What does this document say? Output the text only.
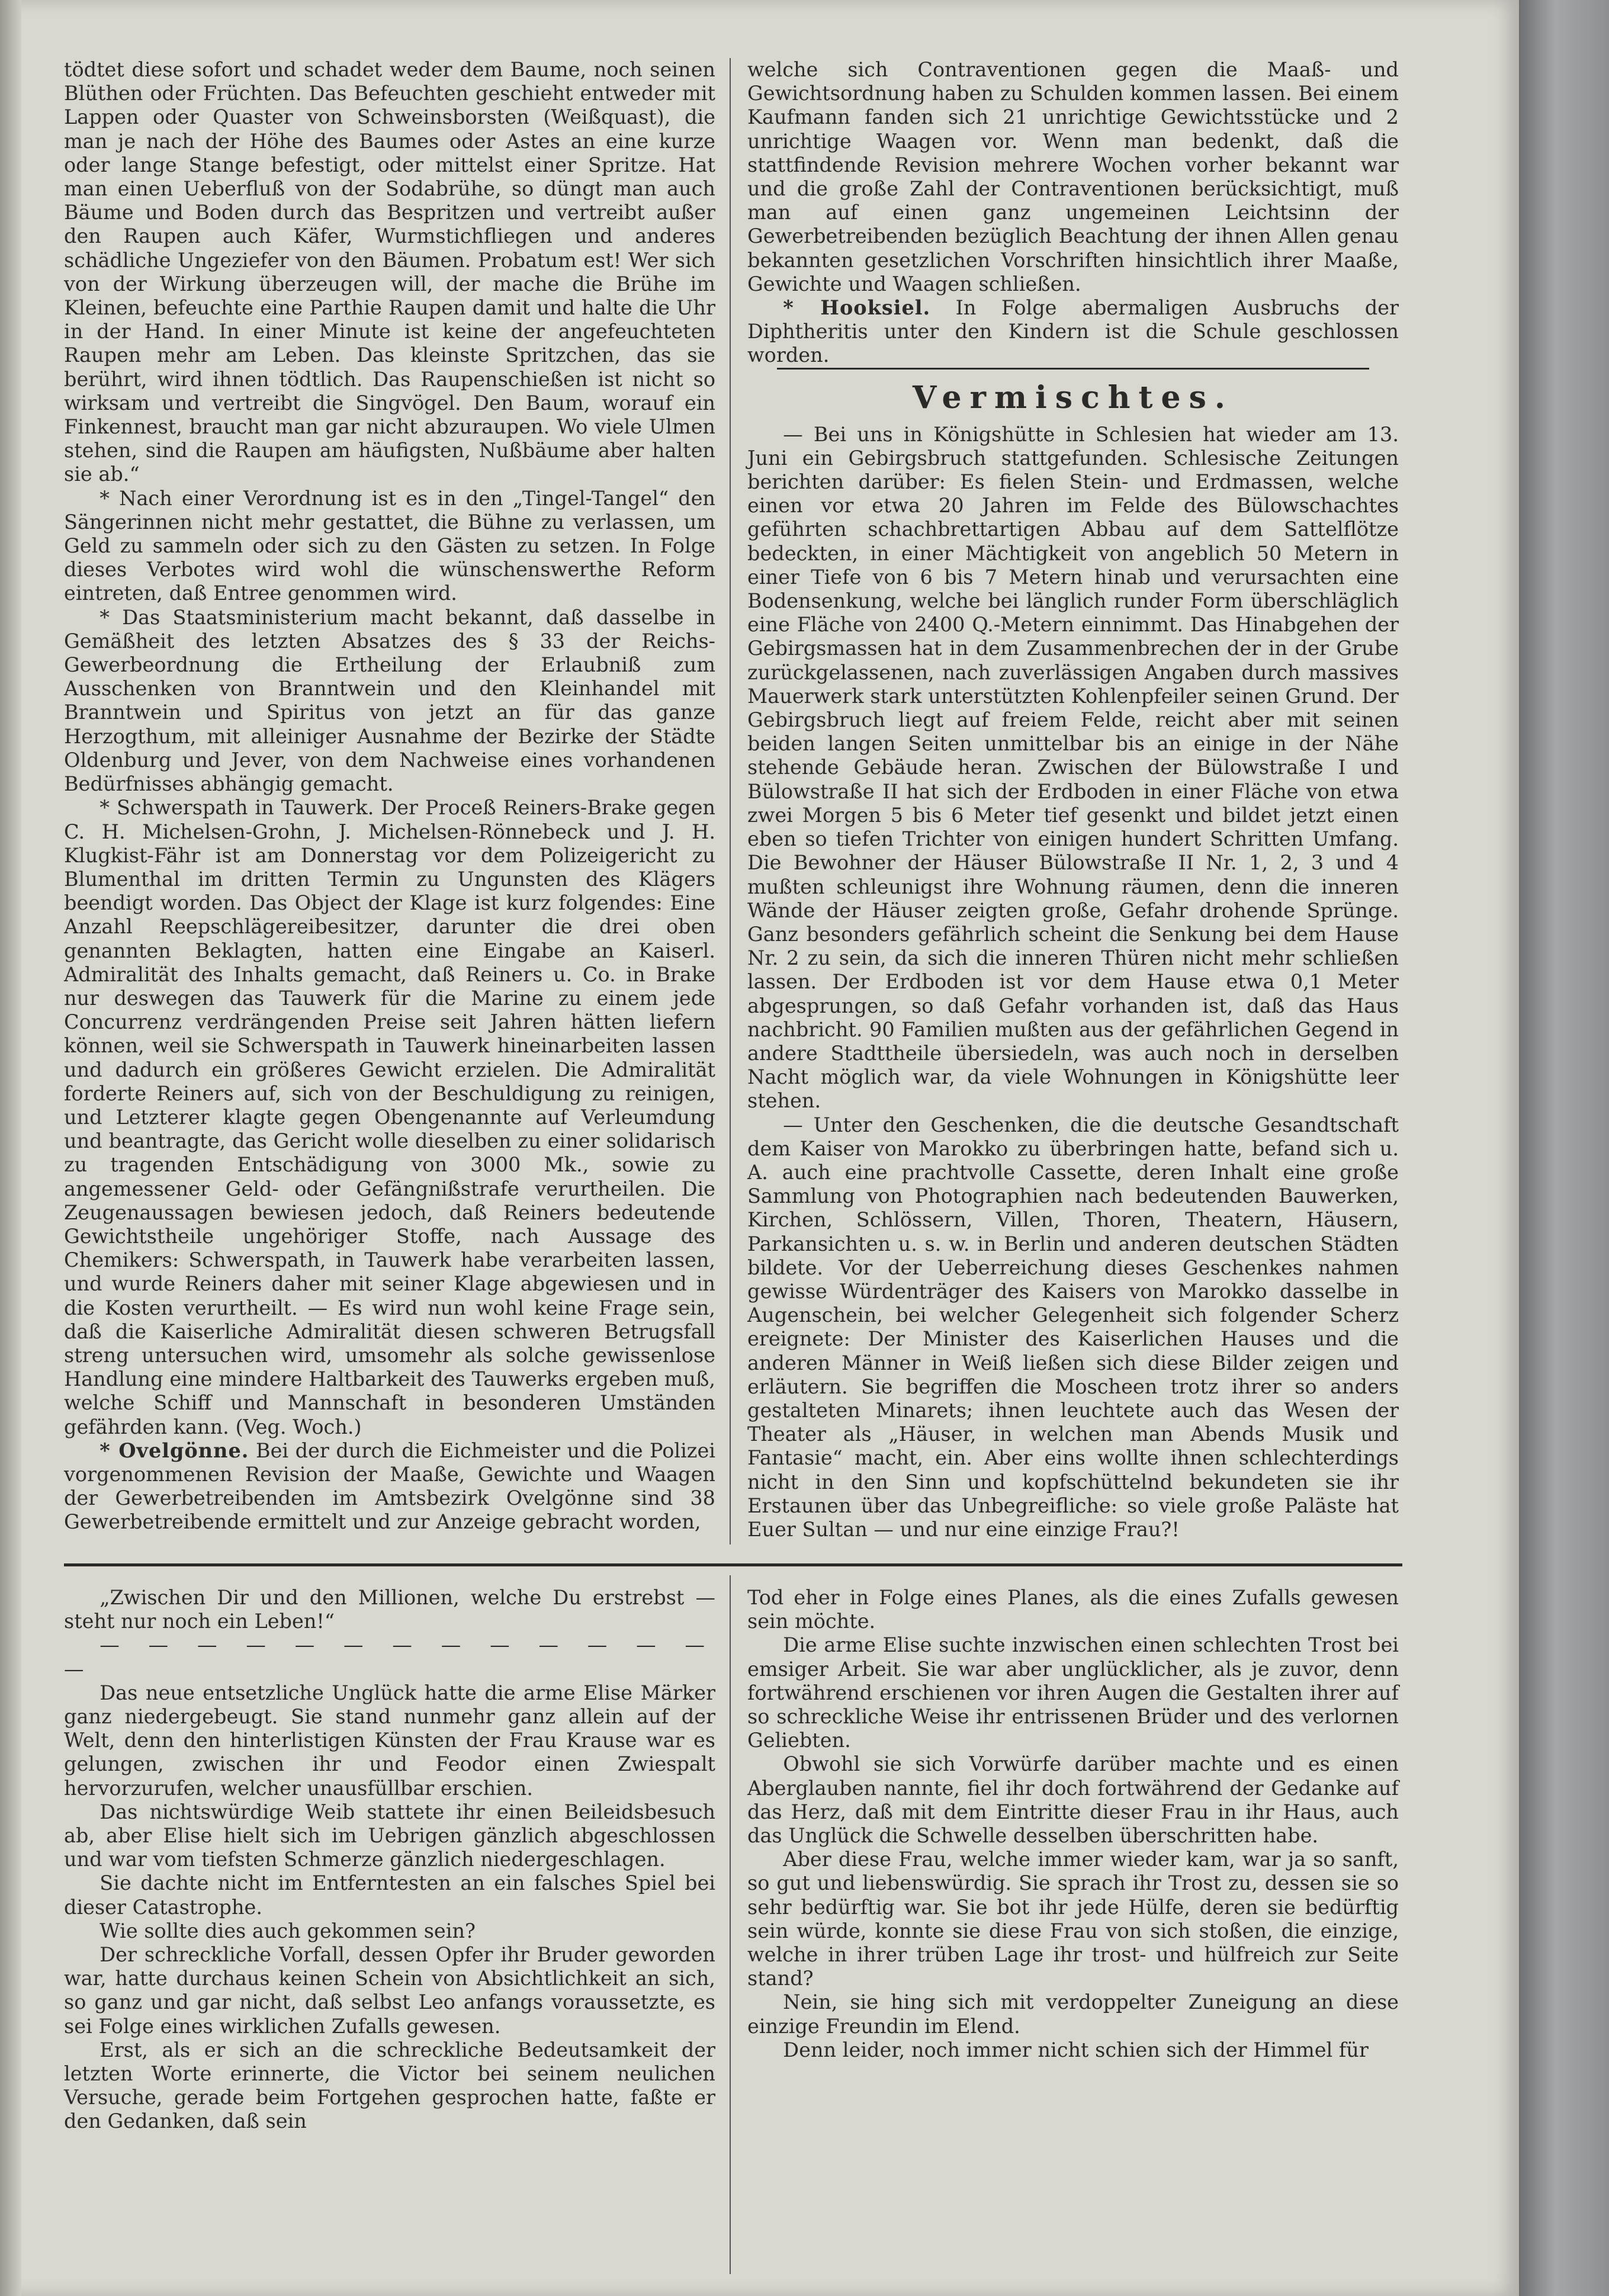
tödtet diese sofort und schadet weder dem Baume, noch seinen Blüthen oder Früchten. Das Befeuchten geschieht entweder mit Lappen oder Quaster von Schweinsborsten (Weißquast), die man je nach der Höhe des Baumes oder Astes an eine kurze oder lange Stange befestigt, oder mittelst einer Spritze. Hat man einen Ueberfluß von der Sodabrühe, so düngt man auch Bäume und Boden durch das Bespritzen und vertreibt außer den Raupen auch Käfer, Wurmstichfliegen und anderes schädliche Ungeziefer von den Bäumen. Probatum est! Wer sich von der Wirkung überzeugen will, der mache die Brühe im Kleinen, befeuchte eine Parthie Raupen damit und halte die Uhr in der Hand. In einer Minute ist keine der angefeuchteten Raupen mehr am Leben. Das kleinste Spritzchen, das sie berührt, wird ihnen tödtlich. Das Raupenschießen ist nicht so wirksam und vertreibt die Singvögel. Den Baum, worauf ein Finkennest, braucht man gar nicht abzuraupen. Wo viele Ulmen stehen, sind die Raupen am häufigsten, Nußbäume aber halten sie ab.“

* Nach einer Verordnung ist es in den „Tingel-Tangel“ den Sängerinnen nicht mehr gestattet, die Bühne zu verlassen, um Geld zu sammeln oder sich zu den Gästen zu setzen. In Folge dieses Verbotes wird wohl die wünschenswerthe Reform eintreten, daß Entree genommen wird.

* Das Staatsministerium macht bekannt, daß dasselbe in Gemäßheit des letzten Absatzes des § 33 der Reichs-Gewerbeordnung die Ertheilung der Erlaubniß zum Ausschenken von Branntwein und den Kleinhandel mit Branntwein und Spiritus von jetzt an für das ganze Herzogthum, mit alleiniger Ausnahme der Bezirke der Städte Oldenburg und Jever, von dem Nachweise eines vorhandenen Bedürfnisses abhängig gemacht.

* Schwerspath in Tauwerk. Der Proceß Reiners-Brake gegen C. H. Michelsen-Grohn, J. Michelsen-Rönnebeck und J. H. Klugkist-Fähr ist am Donnerstag vor dem Polizeigericht zu Blumenthal im dritten Termin zu Ungunsten des Klägers beendigt worden. Das Object der Klage ist kurz folgendes: Eine Anzahl Reepschlägereibesitzer, darunter die drei oben genannten Beklagten, hatten eine Eingabe an Kaiserl. Admiralität des Inhalts gemacht, daß Reiners u. Co. in Brake nur deswegen das Tauwerk für die Marine zu einem jede Concurrenz verdrängenden Preise seit Jahren hätten liefern können, weil sie Schwerspath in Tauwerk hineinarbeiten lassen und dadurch ein größeres Gewicht erzielen. Die Admiralität forderte Reiners auf, sich von der Beschuldigung zu reinigen, und Letzterer klagte gegen Obengenannte auf Verleumdung und beantragte, das Gericht wolle dieselben zu einer solidarisch zu tragenden Entschädigung von 3000 Mk., sowie zu angemessener Geld- oder Gefängnißstrafe verurtheilen. Die Zeugenaussagen bewiesen jedoch, daß Reiners bedeutende Gewichtstheile ungehöriger Stoffe, nach Aussage des Chemikers: Schwerspath, in Tauwerk habe verarbeiten lassen, und wurde Reiners daher mit seiner Klage abgewiesen und in die Kosten verurtheilt. — Es wird nun wohl keine Frage sein, daß die Kaiserliche Admiralität diesen schweren Betrugsfall streng untersuchen wird, umsomehr als solche gewissenlose Handlung eine mindere Haltbarkeit des Tauwerks ergeben muß, welche Schiff und Mannschaft in besonderen Umständen gefährden kann. (Veg. Woch.)

* Ovelgönne. Bei der durch die Eichmeister und die Polizei vorgenommenen Revision der Maaße, Gewichte und Waagen der Gewerbetreibenden im Amtsbezirk Ovelgönne sind 38 Gewerbetreibende ermittelt und zur Anzeige gebracht worden,

welche sich Contraventionen gegen die Maaß- und Gewichtsordnung haben zu Schulden kommen lassen. Bei einem Kaufmann fanden sich 21 unrichtige Gewichtsstücke und 2 unrichtige Waagen vor. Wenn man bedenkt, daß die stattfindende Revision mehrere Wochen vorher bekannt war und die große Zahl der Contraventionen berücksichtigt, muß man auf einen ganz ungemeinen Leichtsinn der Gewerbetreibenden bezüglich Beachtung der ihnen Allen genau bekannten gesetzlichen Vorschriften hinsichtlich ihrer Maaße, Gewichte und Waagen schließen.

* Hooksiel. In Folge abermaligen Ausbruchs der Diphtheritis unter den Kindern ist die Schule geschlossen worden.

Vermischtes.

— Bei uns in Königshütte in Schlesien hat wieder am 13. Juni ein Gebirgsbruch stattgefunden. Schlesische Zeitungen berichten darüber: Es fielen Stein- und Erdmassen, welche einen vor etwa 20 Jahren im Felde des Bülowschachtes geführten schachbrettartigen Abbau auf dem Sattelflötze bedeckten, in einer Mächtigkeit von angeblich 50 Metern in einer Tiefe von 6 bis 7 Metern hinab und verursachten eine Bodensenkung, welche bei länglich runder Form überschläglich eine Fläche von 2400 Q.-Metern einnimmt. Das Hinabgehen der Gebirgsmassen hat in dem Zusammenbrechen der in der Grube zurückgelassenen, nach zuverlässigen Angaben durch massives Mauerwerk stark unterstützten Kohlenpfeiler seinen Grund. Der Gebirgsbruch liegt auf freiem Felde, reicht aber mit seinen beiden langen Seiten unmittelbar bis an einige in der Nähe stehende Gebäude heran. Zwischen der Bülowstraße I und Bülowstraße II hat sich der Erdboden in einer Fläche von etwa zwei Morgen 5 bis 6 Meter tief gesenkt und bildet jetzt einen eben so tiefen Trichter von einigen hundert Schritten Umfang. Die Bewohner der Häuser Bülowstraße II Nr. 1, 2, 3 und 4 mußten schleunigst ihre Wohnung räumen, denn die inneren Wände der Häuser zeigten große, Gefahr drohende Sprünge. Ganz besonders gefährlich scheint die Senkung bei dem Hause Nr. 2 zu sein, da sich die inneren Thüren nicht mehr schließen lassen. Der Erdboden ist vor dem Hause etwa 0,1 Meter abgesprungen, so daß Gefahr vorhanden ist, daß das Haus nachbricht. 90 Familien mußten aus der gefährlichen Gegend in andere Stadttheile übersiedeln, was auch noch in derselben Nacht möglich war, da viele Wohnungen in Königshütte leer stehen.

— Unter den Geschenken, die die deutsche Gesandtschaft dem Kaiser von Marokko zu überbringen hatte, befand sich u. A. auch eine prachtvolle Cassette, deren Inhalt eine große Sammlung von Photographien nach bedeutenden Bauwerken, Kirchen, Schlössern, Villen, Thoren, Theatern, Häusern, Parkansichten u. s. w. in Berlin und anderen deutschen Städten bildete. Vor der Ueberreichung dieses Geschenkes nahmen gewisse Würdenträger des Kaisers von Marokko dasselbe in Augenschein, bei welcher Gelegenheit sich folgender Scherz ereignete: Der Minister des Kaiserlichen Hauses und die anderen Männer in Weiß ließen sich diese Bilder zeigen und erläutern. Sie begriffen die Moscheen trotz ihrer so anders gestalteten Minarets; ihnen leuchtete auch das Wesen der Theater als „Häuser, in welchen man Abends Musik und Fantasie“ macht, ein. Aber eins wollte ihnen schlechterdings nicht in den Sinn und kopfschüttelnd bekundeten sie ihr Erstaunen über das Unbegreifliche: so viele große Paläste hat Euer Sultan — und nur eine einzige Frau?!

„Zwischen Dir und den Millionen, welche Du erstrebst — steht nur noch ein Leben!“

— — — — — — — — — — — — — —

Das neue entsetzliche Unglück hatte die arme Elise Märker ganz niedergebeugt. Sie stand nunmehr ganz allein auf der Welt, denn den hinterlistigen Künsten der Frau Krause war es gelungen, zwischen ihr und Feodor einen Zwiespalt hervorzurufen, welcher unausfüllbar erschien.

Das nichtswürdige Weib stattete ihr einen Beileidsbesuch ab, aber Elise hielt sich im Uebrigen gänzlich abgeschlossen und war vom tiefsten Schmerze gänzlich niedergeschlagen.

Sie dachte nicht im Entferntesten an ein falsches Spiel bei dieser Catastrophe.

Wie sollte dies auch gekommen sein?

Der schreckliche Vorfall, dessen Opfer ihr Bruder geworden war, hatte durchaus keinen Schein von Absichtlichkeit an sich, so ganz und gar nicht, daß selbst Leo anfangs voraussetzte, es sei Folge eines wirklichen Zufalls gewesen.

Erst, als er sich an die schreckliche Bedeutsamkeit der letzten Worte erinnerte, die Victor bei seinem neulichen Versuche, gerade beim Fortgehen gesprochen hatte, faßte er den Gedanken, daß sein

Tod eher in Folge eines Planes, als die eines Zufalls gewesen sein möchte.

Die arme Elise suchte inzwischen einen schlechten Trost bei emsiger Arbeit. Sie war aber unglücklicher, als je zuvor, denn fortwährend erschienen vor ihren Augen die Gestalten ihrer auf so schreckliche Weise ihr entrissenen Brüder und des verlornen Geliebten.

Obwohl sie sich Vorwürfe darüber machte und es einen Aberglauben nannte, fiel ihr doch fortwährend der Gedanke auf das Herz, daß mit dem Eintritte dieser Frau in ihr Haus, auch das Unglück die Schwelle desselben überschritten habe.

Aber diese Frau, welche immer wieder kam, war ja so sanft, so gut und liebenswürdig. Sie sprach ihr Trost zu, dessen sie so sehr bedürftig war. Sie bot ihr jede Hülfe, deren sie bedürftig sein würde, konnte sie diese Frau von sich stoßen, die einzige, welche in ihrer trüben Lage ihr trost- und hülfreich zur Seite stand?

Nein, sie hing sich mit verdoppelter Zuneigung an diese einzige Freundin im Elend.

Denn leider, noch immer nicht schien sich der Himmel für
